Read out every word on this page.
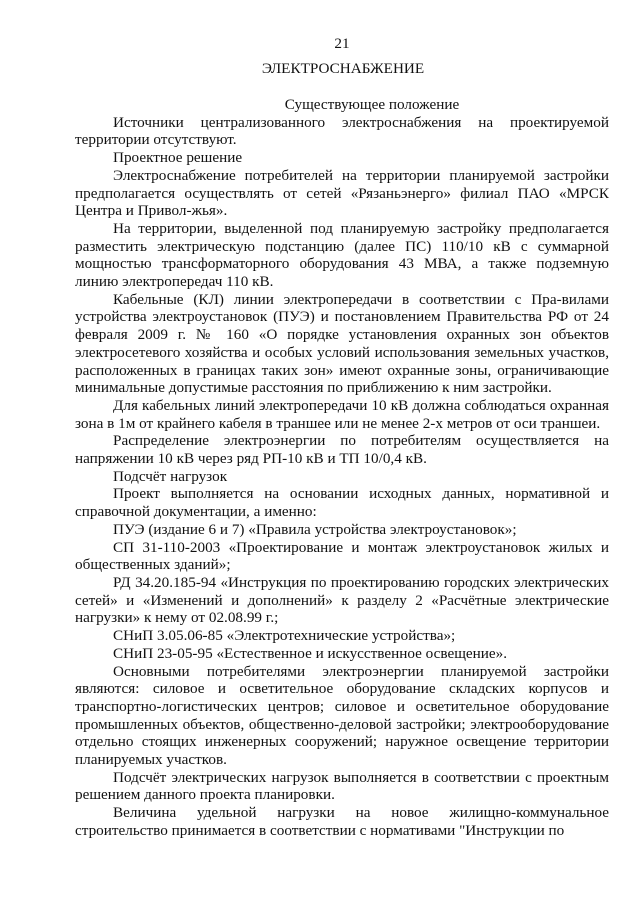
21
ЭЛЕКТРОСНАБЖЕНИЕ

Существующее положение

Источники централизованного электроснабжения на проектируемой территории отсутствуют.

Проектное решение

Электроснабжение потребителей на территории планируемой застройки предполагается осуществлять от сетей «Рязаньэнерго» филиал ПАО «МРСК Центра и Привол-жья».

На территории, выделенной под планируемую застройку предполагается разместить электрическую подстанцию (далее ПС) 110/10 кВ с суммарной мощностью трансформаторного оборудования 43 МВА, а также подземную линию электропередач 110 кВ.

Кабельные (КЛ) линии электропередачи в соответствии с Пра-вилами устройства электроустановок (ПУЭ) и постановлением Правительства РФ от 24 февраля 2009 г. № 160 «О порядке установления охранных зон объектов электросетевого хозяйства и особых условий использования земельных участков, расположенных в границах таких зон» имеют охранные зоны, ограничивающие минимальные допустимые расстояния по приближению к ним застройки.

Для кабельных линий электропередачи 10 кВ должна соблюдаться охранная зона в 1м от крайнего кабеля в траншее или не менее 2-х метров от оси траншеи.

Распределение электроэнергии по потребителям осуществляется на напряжении 10 кВ через ряд РП-10 кВ и ТП 10/0,4 кВ.

Подсчёт нагрузок

Проект выполняется на основании исходных данных, нормативной и справочной документации, а именно:

ПУЭ (издание 6 и 7) «Правила устройства электроустановок»;

СП 31-110-2003 «Проектирование и монтаж электроустановок жилых и общественных зданий»;

РД 34.20.185-94 «Инструкция по проектированию городских электрических сетей» и «Изменений и дополнений» к разделу 2 «Расчётные электрические нагрузки» к нему от 02.08.99 г.;

СНиП 3.05.06-85 «Электротехнические устройства»;

СНиП 23-05-95 «Естественное и искусственное освещение».

Основными потребителями электроэнергии планируемой застройки являются: силовое и осветительное оборудование складских корпусов и транспортно-логистических центров; силовое и осветительное оборудование промышленных объектов, общественно-деловой застройки; электрооборудование отдельно стоящих инженерных сооружений; наружное освещение территории планируемых участков.

Подсчёт электрических нагрузок выполняется в соответствии с проектным решением данного проекта планировки.

Величина удельной нагрузки на новое жилищно-коммунальное строительство принимается в соответствии с нормативами "Инструкции по
